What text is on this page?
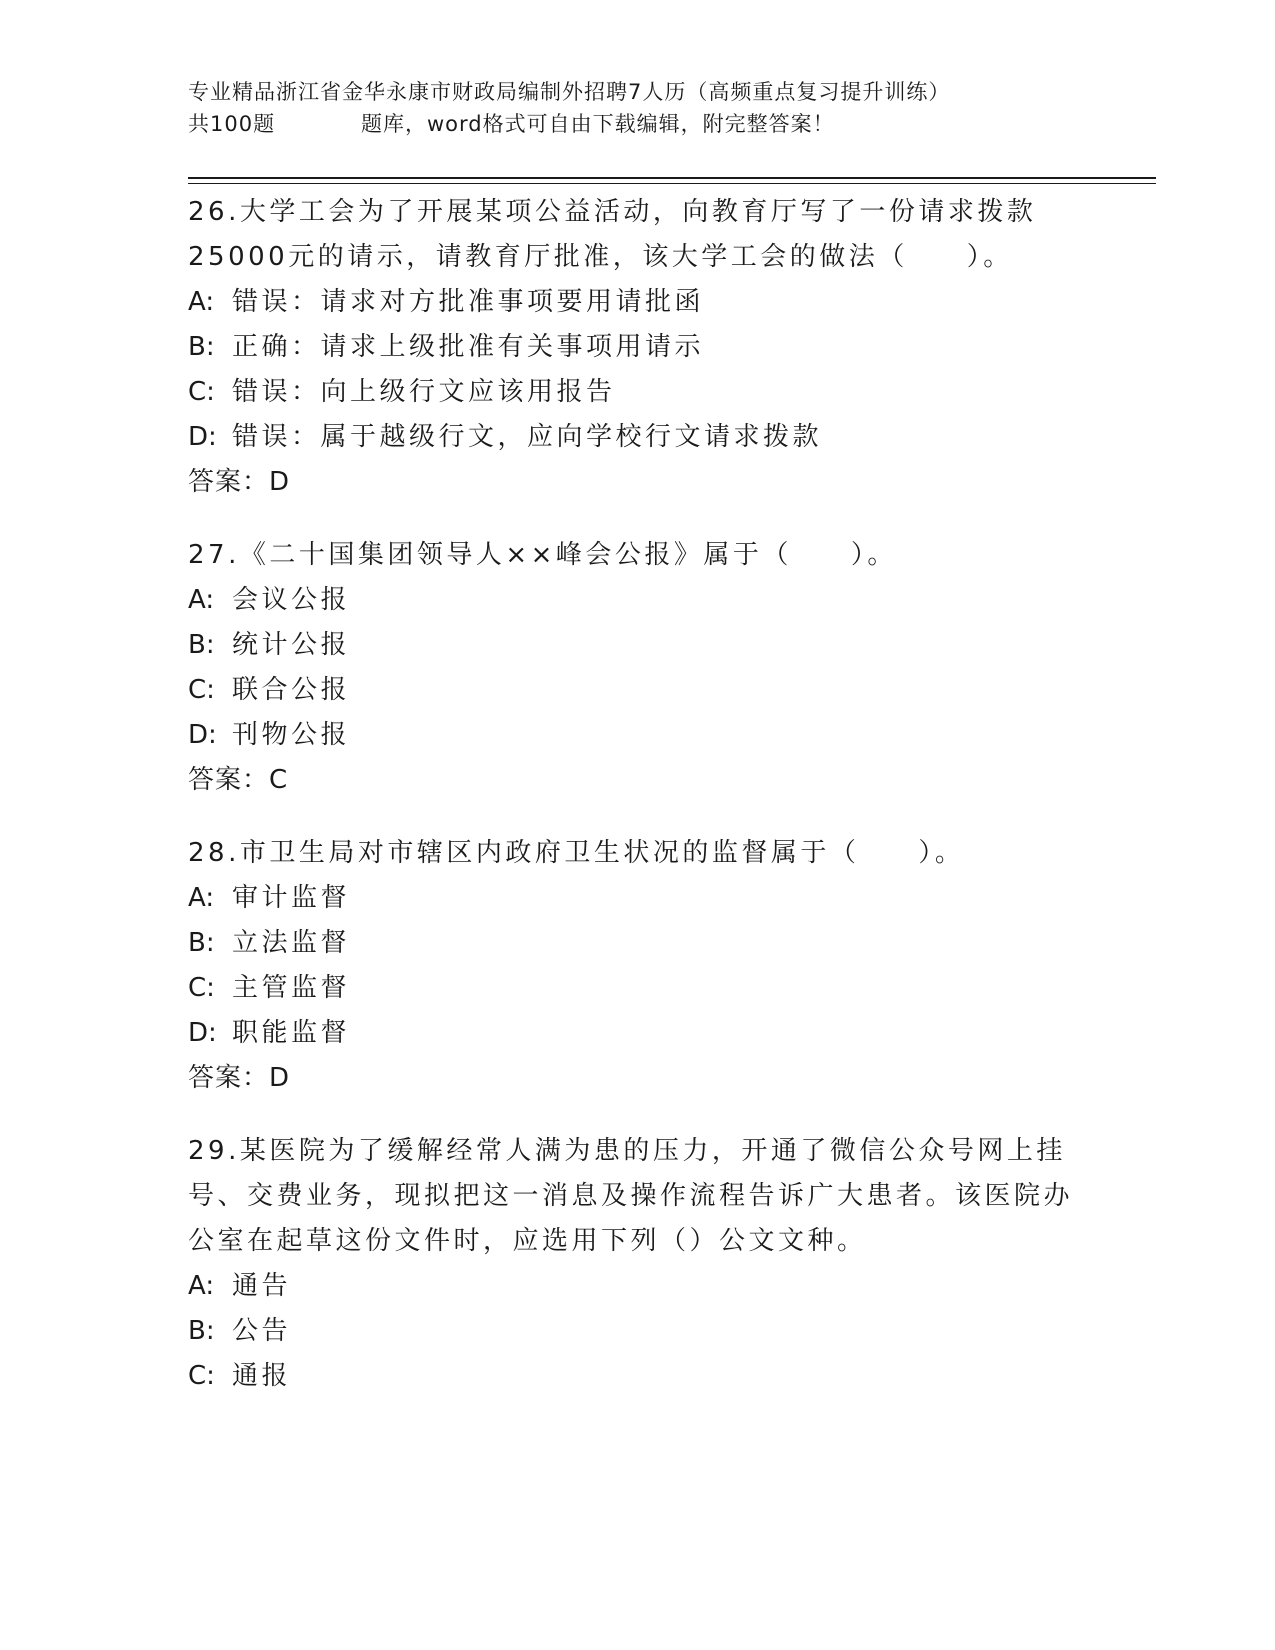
专业精品浙江省金华永康市财政局编制外招聘7人历（高频重点复习提升训练）
共100题	题库，word格式可自由下载编辑，附完整答案！

26.大学工会为了开展某项公益活动，向教育厅写了一份请求拨款25000元的请示，请教育厅批准，该大学工会的做法（　　）。

A: 错误：请求对方批准事项要用请批函

B: 正确：请求上级批准有关事项用请示

C: 错误：向上级行文应该用报告

D: 错误：属于越级行文，应向学校行文请求拨款

答案：D

27.《二十国集团领导人××峰会公报》属于（　　）。

A: 会议公报

B: 统计公报

C: 联合公报

D: 刊物公报

答案：C

28.市卫生局对市辖区内政府卫生状况的监督属于（　　）。

A: 审计监督

B: 立法监督

C: 主管监督

D: 职能监督

答案：D

29.某医院为了缓解经常人满为患的压力，开通了微信公众号网上挂号、交费业务，现拟把这一消息及操作流程告诉广大患者。该医院办公室在起草这份文件时，应选用下列（）公文文种。

A: 通告

B: 公告

C: 通报
